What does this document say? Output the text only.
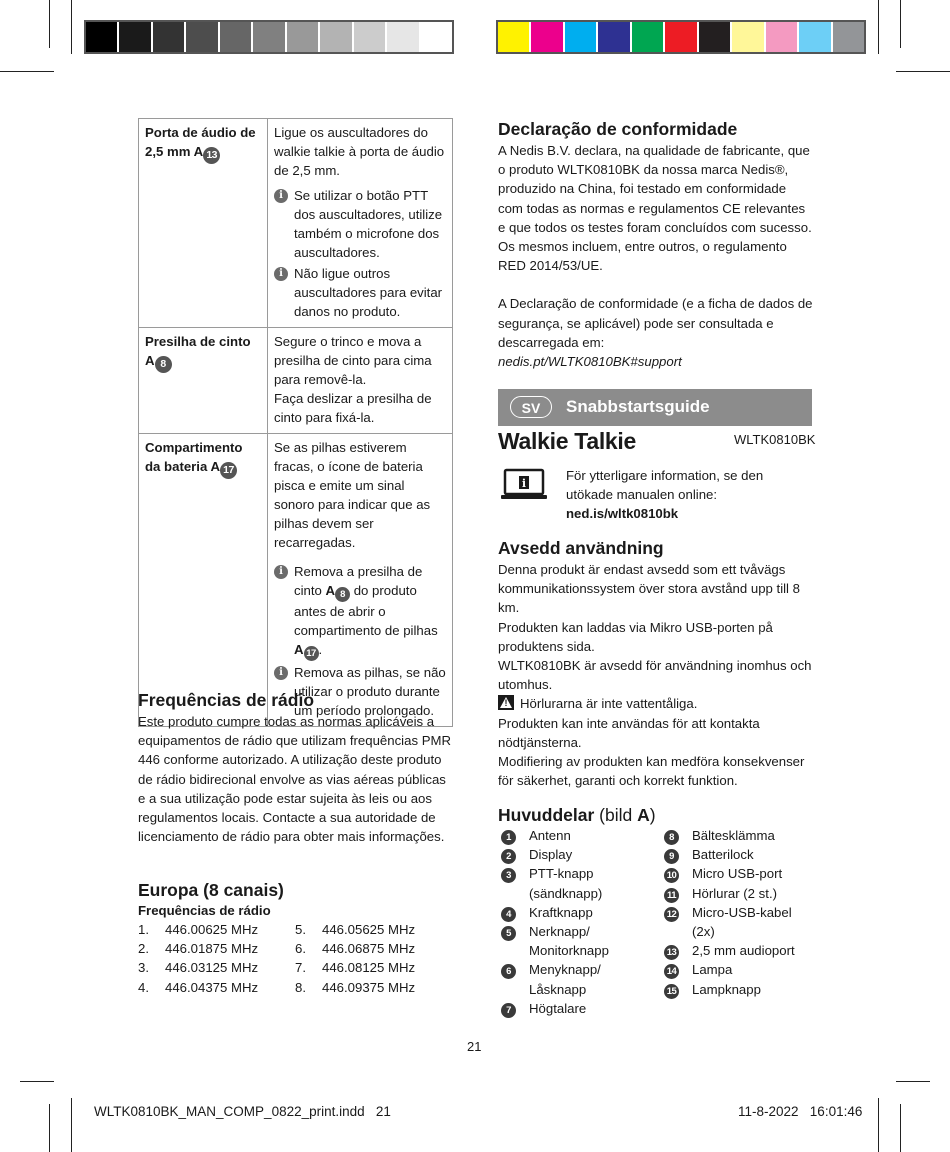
Porta de áudio de 2,5 mm A 13	Ligue os auscultadores do walkie talkie à porta de áudio de 2,5 mm.
i Se utilizar o botão PTT dos auscultadores, utilize também o microfone dos auscultadores.
i Não ligue outros auscultadores para evitar danos no produto.

Presilha de cinto A 8	Segure o trinco e mova a presilha de cinto para cima para removê-la.
Faça deslizar a presilha de cinto para fixá-la.

Compartimento da bateria A 17	Se as pilhas estiverem fracas, o ícone de bateria pisca e emite um sinal sonoro para indicar que as pilhas devem ser recarregadas.
i Remova a presilha de cinto A 8 do produto antes de abrir o compartimento de pilhas A 17 .
i Remova as pilhas, se não utilizar o produto durante um período prolongado.
Frequências de rádio

Este produto cumpre todas as normas aplicáveis a equipamentos de rádio que utilizam frequências PMR 446 conforme autorizado. A utilização deste produto de rádio bidirecional envolve as vias aéreas públicas e a sua utilização pode estar sujeita às leis ou aos regulamentos locais. Contacte a sua autoridade de licenciamento de rádio para obter mais informações.

Europa (8 canais)
Frequências de rádio
1.	446.00625 MHz	5.	446.05625 MHz
2.	446.01875 MHz	6.	446.06875 MHz
3.	446.03125 MHz	7.	446.08125 MHz
4.	446.04375 MHz	8.	446.09375 MHz
Declaração de conformidade

A Nedis B.V. declara, na qualidade de fabricante, que o produto WLTK0810BK da nossa marca Nedis®, produzido na China, foi testado em conformidade com todas as normas e regulamentos CE relevantes e que todos os testes foram concluídos com sucesso. Os mesmos incluem, entre outros, o regulamento RED 2014/53/UE.

A Declaração de conformidade (e a ficha de dados de segurança, se aplicável) pode ser consultada e descarregada em:

nedis.pt/WLTK0810BK#support

SV	Snabbstartsguide
Walkie Talkie	WLTK0810BK
i
För ytterligare information, se den utökade manualen online:
ned.is/wltk0810bk
Avsedd användning

Denna produkt är endast avsedd som ett tvåvägs kommunikationssystem över stora avstånd upp till 8 km.

Produkten kan laddas via Mikro USB-porten på produktens sida.

WLTK0810BK är avsedd för användning inomhus och utomhus.

!Hörlurarna är inte vattentåliga.

Produkten kan inte användas för att kontakta nödtjänsterna.

Modifiering av produkten kan medföra konsekvenser för säkerhet, garanti och korrekt funktion.

Huvuddelar (bild A)
1	Antenn
2	Display
3	PTT-knapp (sändknapp)
4	Kraftknapp
5	Nerknapp/ Monitorknapp
6	Menyknapp/ Låsknapp
7	Högtalare
8	Bältesklämma
9	Batterilock
10	Micro USB-port
11	Hörlurar (2 st.)
12	Micro-USB-kabel (2x)
13	2,5 mm audioport
14	Lampa
15	Lampknapp
21
WLTK0810BK_MAN_COMP_0822_print.indd   21	11-8-2022   16:01:46
